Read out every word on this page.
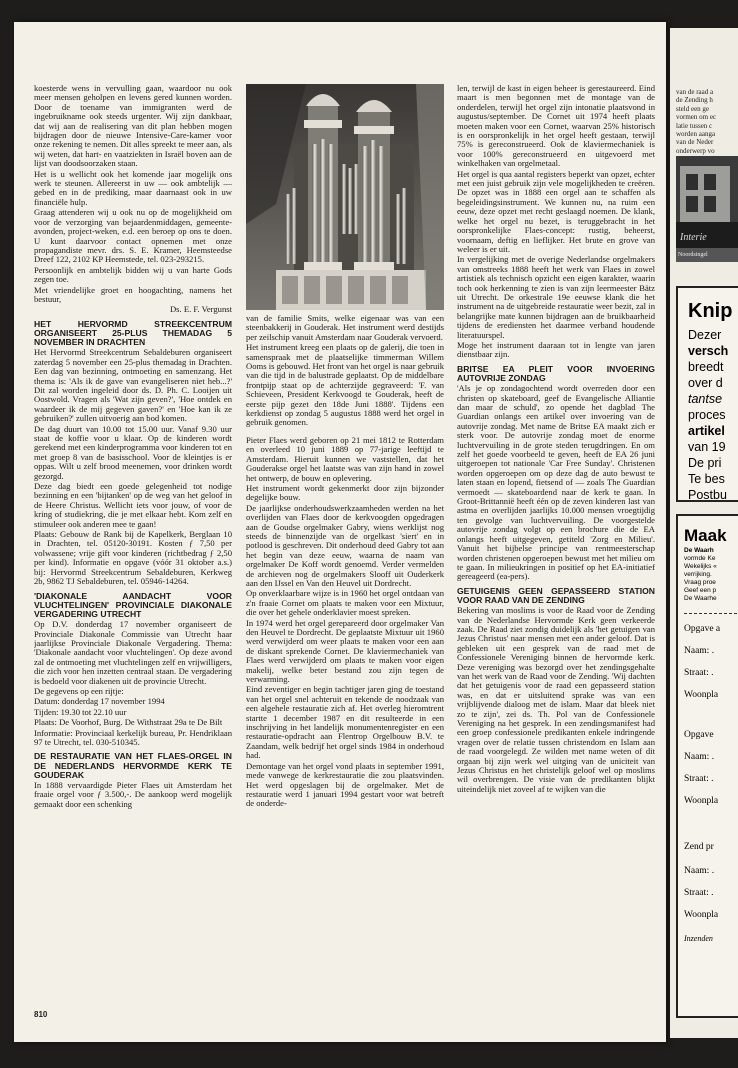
koesterde wens in vervulling gaan, waardoor nu ook meer mensen geholpen en levens gered kunnen worden. Door de toename van immigranten werd de ingebruikname ook steeds urgenter. Wij zijn dankbaar, dat wij aan de realisering van dit plan hebben mogen bijdragen door de nieuwe Intensive-Care-kamer voor onze rekening te nemen. Dit alles spreekt te meer aan, als wij weten, dat hart- en vaatziekten in Israël boven aan de lijst van doodsoorzaken staan.

Het is u wellicht ook het komende jaar mogelijk ons werk te steunen. Allereerst in uw — ook ambtelijk — gebed en in de prediking, maar daarnaast ook in uw financiële hulp.

Graag attenderen wij u ook nu op de mogelijkheid om voor de verzorging van bejaardenmiddagen, gemeente-avonden, project-weken, e.d. een beroep op ons te doen. U kunt daarvoor contact opnemen met onze propagandiste mevr. drs. S. E. Kramer, Heemsteedse Dreef 122, 2102 KP Heemstede, tel. 023-293215.

Persoonlijk en ambtelijk bidden wij u van harte Gods zegen toe.

Met vriendelijke groet en hoogachting, namens het bestuur,

Ds. E. F. Vergunst

HET HERVORMD STREEKCENTRUM ORGANISEERT 25-PLUS THEMADAG 5 NOVEMBER IN DRACHTEN

Het Hervormd Streekcentrum Sebaldeburen organiseert zaterdag 5 november een 25-plus themadag in Drachten. Een dag van bezinning, ontmoeting en samenzang. Het thema is: 'Als ik de gave van evangeliseren niet heb...?' Dit zal worden ingeleid door ds. D. Ph. C. Looijen uit Oostwold. Vragen als 'Wat zijn geven?', 'Hoe ontdek en waardeer ik de mij gegeven gaven?' en 'Hoe kan ik ze gebruiken?' zullen uitvoerig aan bod komen.

De dag duurt van 10.00 tot 15.00 uur. Vanaf 9.30 uur staat de koffie voor u klaar. Op de kinderen wordt gerekend met een kinderprogramma voor kinderen tot en met groep 8 van de basisschool. Voor de kleintjes is er oppas. Wilt u zelf brood meenemen, voor drinken wordt gezorgd.

Deze dag biedt een goede gelegenheid tot nodige bezinning en een 'bijtanken' op de weg van het geloof in de Heere Christus. Wellicht iets voor jouw, of voor de kring of studiekring, die je met elkaar hebt. Kom zelf en stimuleer ook anderen mee te gaan!

Plaats: Gebouw de Rank bij de Kapelkerk, Berglaan 10 in Drachten, tel. 05120-30191. Kosten ƒ 7,50 per volwassene; vrije gift voor kinderen (richtbedrag ƒ 2,50 per kind). Informatie en opgave (vóór 31 oktober a.s.) bij: Hervormd Streekcentrum Sebaldeburen, Kerkweg 2b, 9862 TJ Sebaldeburen, tel. 05946-14264.

'DIAKONALE AANDACHT VOOR VLUCHTELINGEN' PROVINCIALE DIAKONALE VERGADERING UTRECHT

Op D.V. donderdag 17 november organiseert de Provinciale Diakonale Commissie van Utrecht haar jaarlijkse Provinciale Diakonale Vergadering. Thema: 'Diakonale aandacht voor vluchtelingen'. Op deze avond zal de ontmoeting met vluchtelingen zelf en vrijwilligers, die zich voor hen inzetten centraal staan. De vergadering is bedoeld voor diakenen uit de provincie Utrecht.

De gegevens op een rijtje:

Datum: donderdag 17 november 1994

Tijden: 19.30 tot 22.10 uur

Plaats: De Voorhof, Burg. De Withstraat 29a te De Bilt

Informatie: Provinciaal kerkelijk bureau, Pr. Hendriklaan 97 te Utrecht, tel. 030-510345.

DE RESTAURATIE VAN HET FLAES-ORGEL IN DE NEDERLANDS HERVORMDE KERK TE GOUDERAK

In 1888 vervaardigde Pieter Flaes uit Amsterdam het fraaie orgel voor ƒ 3.500,-. De aankoop werd mogelijk gemaakt door een schenking

van de familie Smits, welke eigenaar was van een steenbakkerij in Gouderak. Het instrument werd destijds per zeilschip vanuit Amsterdam naar Gouderak vervoerd.

Het instrument kreeg een plaats op de galerij, die toen in samenspraak met de plaatselijke timmerman Willem Ooms is gebouwd. Het front van het orgel is naar gebruik van die tijd in de balustrade geplaatst. Op de middelbare frontpijp staat op de achterzijde gegraveerd: 'F. van Schieveen, President Kerkvoogd te Gouderak, heeft de eerste pijp gezet den 18de Juni 1888'. Tijdens een kerkdienst op zondag 5 augustus 1888 werd het orgel in gebruik genomen.

Pieter Flaes werd geboren op 21 mei 1812 te Rotterdam en overleed 10 juni 1889 op 77-jarige leeftijd te Amsterdam. Hieruit kunnen we vaststellen, dat het Gouderakse orgel het laatste was van zijn hand in zowel het ontwerp, de bouw en oplevering.

Het instrument wordt gekenmerkt door zijn bijzonder degelijke bouw.

De jaarlijkse onderhoudswerkzaamheden werden na het overlijden van Flaes door de kerkvoogden opgedragen aan de Goudse orgelmaker Gabry, wiens werklijst nog steeds de binnenzijde van de orgelkast 'siert' en in potlood is geschreven. Dit onderhoud deed Gabry tot aan het begin van deze eeuw, waarna de naam van orgelmaker De Koff wordt genoemd. Verder vermelden de archieven nog de orgelmakers Slooff uit Ouderkerk aan den IJssel en Van den Heuvel uit Dordrecht.

Op onverklaarbare wijze is in 1960 het orgel ontdaan van z'n fraaie Cornet om plaats te maken voor een Mixtuur, die over het gehele onderklavier moest spreken.

In 1974 werd het orgel gerepareerd door orgelmaker Van den Heuvel te Dordrecht. De geplaatste Mixtuur uit 1960 werd verwijderd om weer plaats te maken voor een aan de diskant sprekende Cornet. De klaviermechaniek van Flaes werd verwijderd om plaats te maken voor eigen makelij, welke beter bestand zou zijn tegen de verwarming.

Eind zeventiger en begin tachtiger jaren ging de toestand van het orgel snel achteruit en tekende de noodzaak van een algehele restauratie zich af. Het overleg hieromtrent startte 1 december 1987 en dit resulteerde in een inschrijving in het landelijk monumentenregister en een restauratie-opdracht aan Flentrop Orgelbouw B.V. te Zaandam, welk bedrijf het orgel sinds 1984 in onderhoud had.

Demontage van het orgel vond plaats in september 1991, mede vanwege de kerkrestauratie die zou plaatsvinden. Het werd opgeslagen bij de orgelmaker. Met de restauratie werd 1 januari 1994 gestart voor wat betreft de onderde-

len, terwijl de kast in eigen beheer is gerestaureerd. Eind maart is men begonnen met de montage van de onderdelen, terwijl het orgel zijn intonatie plaatsvond in augustus/september. De Cornet uit 1974 heeft plaats moeten maken voor een Cornet, waarvan 25% historisch is en oorspronkelijk in het orgel heeft gestaan, terwijl 75% is gereconstrueerd. Ook de klaviermechaniek is voor 100% gereconstrueerd en uitgevoerd met winkelhaken van orgelmetaal.

Het orgel is qua aantal registers beperkt van opzet, echter met een juist gebruik zijn vele mogelijkheden te creëren. De opzet was in 1888 een orgel aan te schaffen als begeleidingsinstrument. We kunnen nu, na ruim een eeuw, deze opzet met recht geslaagd noemen. De klank, welke het orgel nu bezet, is teruggebracht in het oorspronkelijke Flaes-concept: rustig, beheerst, voornaam, deftig en lieflijker. Het brute en grove van weleer is er uit.

In vergelijking met de overige Nederlandse orgelmakers van omstreeks 1888 heeft het werk van Flaes in zowel artistiek als technisch opzicht een eigen karakter, waarin toch ook herkenning te zien is van zijn leermeester Bätz uit Utrecht. De orkestrale 19e eeuwse klank die het instrument na de uitgebreide restauratie weer bezit, zal in belangrijke mate kunnen bijdragen aan de bruikbaarheid tijdens de erediensten het daarmee verband houdende literatuurspel.

Moge het instrument daaraan tot in lengte van jaren dienstbaar zijn.

BRITSE EA PLEIT VOOR INVOERING AUTOVRIJE ZONDAG

'Als je op zondagochtend wordt overreden door een christen op skateboard, geef de Evangelische Alliantie dan maar de schuld', zo opende het dagblad The Guardian onlangs een artikel over invoering van de autovrije zondag. Met name de Britse EA maakt zich er sterk voor. De autovrije zondag moet de enorme luchtvervuiling in de grote steden terugdringen. En om zelf het goede voorbeeld te geven, heeft de EA 26 juni uitgeroepen tot nationale 'Car Free Sunday'. Christenen worden opgeroepen om op deze dag de auto bewust te laten staan en lopend, fietsend of — zoals The Guardian vermoedt — skateboardend naar de kerk te gaan. In Groot-Brittannië heeft één op de zeven kinderen last van astma en overlijden jaarlijks 10.000 mensen vroegtijdig ten gevolge van luchtvervuiling. De voorgestelde autovrije zondag volgt op een brochure die de EA onlangs heeft uitgegeven, getiteld 'Zorg en Milieu'. Vanuit het bijbelse principe van rentmeesterschap worden christenen opgeroepen bewust met het milieu om te gaan. In milieukringen in positief op het EA-initiatief gereageerd (ea-pers).

GETUIGENIS GEEN GEPASSEERD STATION VOOR RAAD VAN DE ZENDING

Bekering van moslims is voor de Raad voor de Zending van de Nederlandse Hervormde Kerk geen verkeerde zaak. De Raad ziet zondig duidelijk als 'het getuigen van Jezus Christus' naar mensen met een ander geloof. Dat is gebleken uit een gesprek van de raad met de Confessionele Vereniging binnen de hervormde kerk. Deze vereniging was bezorgd over het zendingsgehalte van het werk van de Raad voor de Zending. 'Wij dachten dat het getuigenis voor de raad een gepasseerd station was, en dat er uitsluitend sprake was van een vrijblijvende dialoog met de islam. Maar dat bleek niet zo te zijn', zei ds. Th. Pol van de Confessionele Vereniging na het gesprek. In een zendingsmanifest had een groep confessionele predikanten enkele indringende vragen over de relatie tussen christendom en Islam aan de raad voorgelegd. Ze wilden met name weten of dit orgaan bij zijn werk wel uitging van de uniciteit van Jezus Christus en het christelijk geloof wel op moslims wil overbrengen. De visie van de predikanten blijkt uiteindelijk niet zoveel af te wijken van die

810
van de raad a
de Zending h
steld een ge
vormen om ec
latie tussen c
worden aanga
van de Neder
onderwerp vo
Interie
Noordsingel
Knip
Dezer
versch
breedt
over d
tantse
proces
artikel
van 19
De pri
Te bes
Postbu
Maak
De Waarh
vormde Ke
Wekelijks «
verrijking.
Vraag proe
Geef een p
De Waarhe
Opgave a
Naam: .
Straat: .
Woonpla
Opgave
Naam: .
Straat: .
Woonpla
Zend pr
Naam: .
Straat: .
Woonpla
Inzenden
